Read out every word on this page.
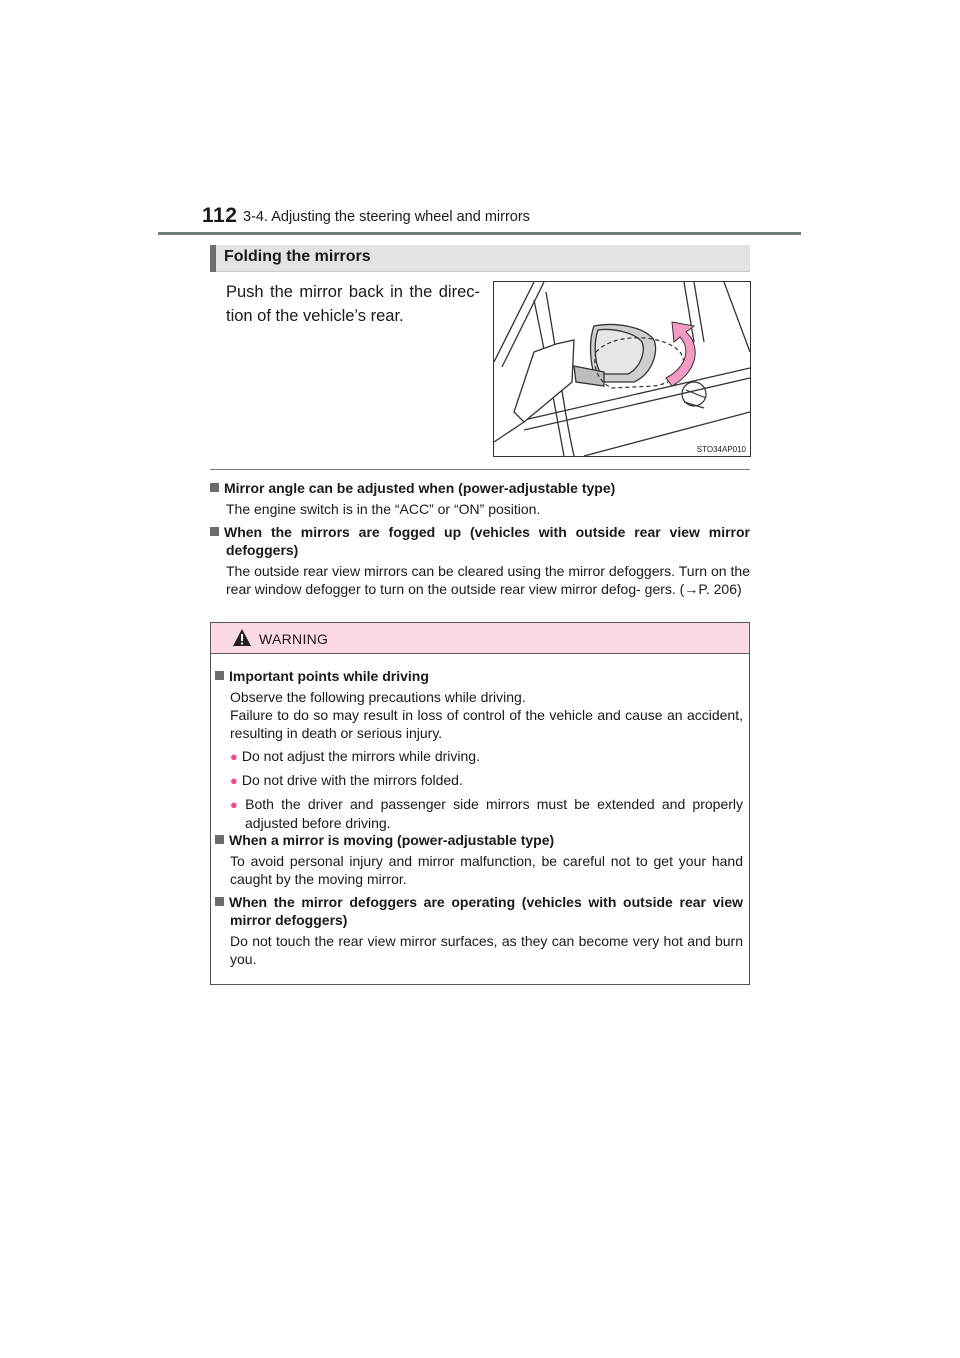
112 3-4. Adjusting the steering wheel and mirrors
Folding the mirrors
Push the mirror back in the direc- tion of the vehicle’s rear.
STO34AP010
Mirror angle can be adjusted when (power-adjustable type)
The engine switch is in the “ACC” or “ON” position.
When the mirrors are fogged up (vehicles with outside rear view mirror defoggers)
The outside rear view mirrors can be cleared using the mirror defoggers. Turn on the rear window defogger to turn on the outside rear view mirror defog- gers. (→P. 206)
WARNING
Important points while driving
Observe the following precautions while driving.
Failure to do so may result in loss of control of the vehicle and cause an accident, resulting in death or serious injury.
● Do not adjust the mirrors while driving.
● Do not drive with the mirrors folded.
● Both the driver and passenger side mirrors must be extended and properly adjusted before driving.
When a mirror is moving (power-adjustable type)
To avoid personal injury and mirror malfunction, be careful not to get your hand caught by the moving mirror.
When the mirror defoggers are operating (vehicles with outside rear view mirror defoggers)
Do not touch the rear view mirror surfaces, as they can become very hot and burn you.
